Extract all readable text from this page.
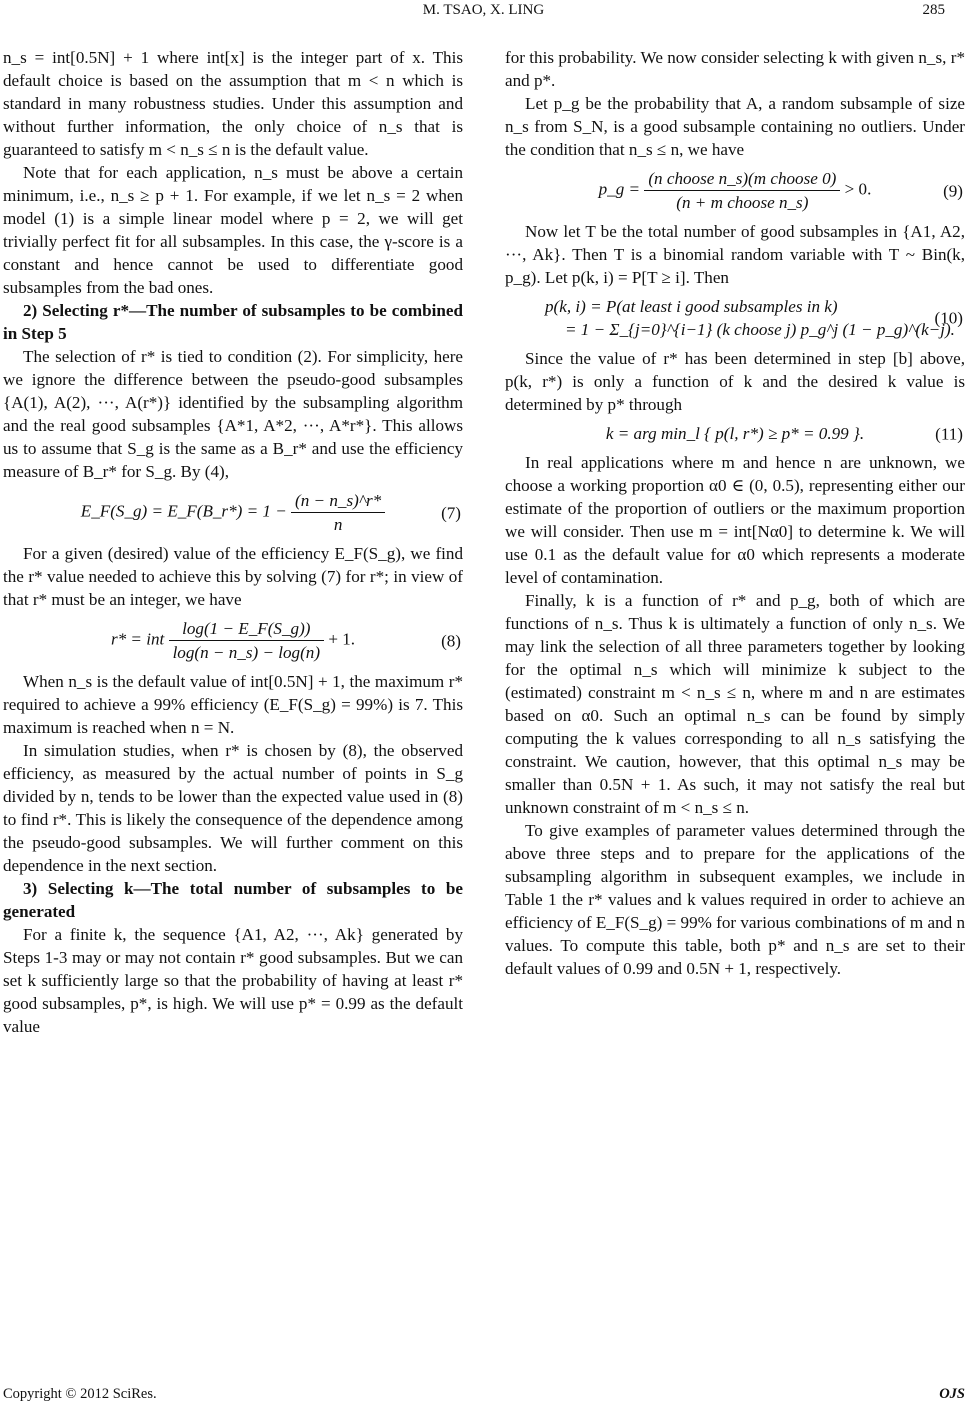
M. TSAO, X. LING	285

n_s = int[0.5N] + 1 where int[x] is the integer part of x. This default choice is based on the assumption that m < n which is standard in many robustness studies. Under this assumption and without further information, the only choice of n_s that is guaranteed to satisfy m < n_s ≤ n is the default value.

Note that for each application, n_s must be above a certain minimum, i.e., n_s ≥ p + 1. For example, if we let n_s = 2 when model (1) is a simple linear model where p = 2, we will get trivially perfect fit for all subsamples. In this case, the γ-score is a constant and hence cannot be used to differentiate good subsamples from the bad ones.

2) Selecting r*—The number of subsamples to be combined in Step 5

The selection of r* is tied to condition (2). For simplicity, here we ignore the difference between the pseudo-good subsamples {A(1), A(2), ···, A(r*)} identified by the subsampling algorithm and the real good subsamples {A*1, A*2, ···, A*r*}. This allows us to assume that S_g is the same as a B_r* and use the efficiency measure of B_r* for S_g. By (4),

E_F(S_g) = E_F(B_r*) = $1 - \frac{(n - n\_s)\^{}r*}{n}$	(7)

For a given (desired) value of the efficiency E_F(S_g), we find the r* value needed to achieve this by solving (7) for r*; in view of that r* must be an integer, we have

r* = int $\frac{\log(1 - E\_F(S\_g))}{\log(n - n\_s) - \log(n)} + 1$.	(8)

When n_s is the default value of int[0.5N] + 1, the maximum r* required to achieve a 99% efficiency (E_F(S_g) = 99%) is 7. This maximum is reached when n = N.

In simulation studies, when r* is chosen by (8), the observed efficiency, as measured by the actual number of points in S_g divided by n, tends to be lower than the expected value used in (8) to find r*. This is likely the consequence of the dependence among the pseudo-good subsamples. We will further comment on this dependence in the next section.

3) Selecting k—The total number of subsamples to be generated

For a finite k, the sequence {A1, A2, ···, Ak} generated by Steps 1-3 may or may not contain r* good subsamples. But we can set k sufficiently large so that the probability of having at least r* good subsamples, p*, is high. We will use p* = 0.99 as the default value

for this probability. We now consider selecting k with given n_s, r* and p*.

Let p_g be the probability that A, a random subsample of size n_s from S_N, is a good subsample containing no outliers. Under the condition that n_s ≤ n, we have

p_g = $\frac{\text{(n choose n\_s)(m choose 0)}}{\text{(n + m choose n\_s)}} > 0$.	(9)

Now let T be the total number of good subsamples in {A1, A2, ···, Ak}. Then T is a binomial random variable with T ~ Bin(k, p_g). Let p(k, i) = P[T ≥ i]. Then

p(k, i) = P(at least i good subsamples in k)
= 1 − Σ_{j=0}^{i−1} (k choose j) p_g^j (1 − p_g)^(k−j).
(10)

Since the value of r* has been determined in step [b] above, p(k, r*) is only a function of k and the desired k value is determined by p* through

k = arg min_l { p(l, r*) ≥ p* = 0.99 }.	(11)

In real applications where m and hence n are unknown, we choose a working proportion α0 ∈ (0, 0.5), representing either our estimate of the proportion of outliers or the maximum proportion we will consider. Then use m = int[Nα0] to determine k. We will use 0.1 as the default value for α0 which represents a moderate level of contamination.

Finally, k is a function of r* and p_g, both of which are functions of n_s. Thus k is ultimately a function of only n_s. We may link the selection of all three parameters together by looking for the optimal n_s which will minimize k subject to the (estimated) constraint m < n_s ≤ n, where m and n are estimates based on α0. Such an optimal n_s can be found by simply computing the k values corresponding to all n_s satisfying the constraint. We caution, however, that this optimal n_s may be smaller than 0.5N + 1. As such, it may not satisfy the real but unknown constraint of m < n_s ≤ n.

To give examples of parameter values determined through the above three steps and to prepare for the applications of the subsampling algorithm in subsequent examples, we include in Table 1 the r* values and k values required in order to achieve an efficiency of E_F(S_g) = 99% for various combinations of m and n values. To compute this table, both p* and n_s are set to their default values of 0.99 and 0.5N + 1, respectively.

Copyright © 2012 SciRes.	OJS
